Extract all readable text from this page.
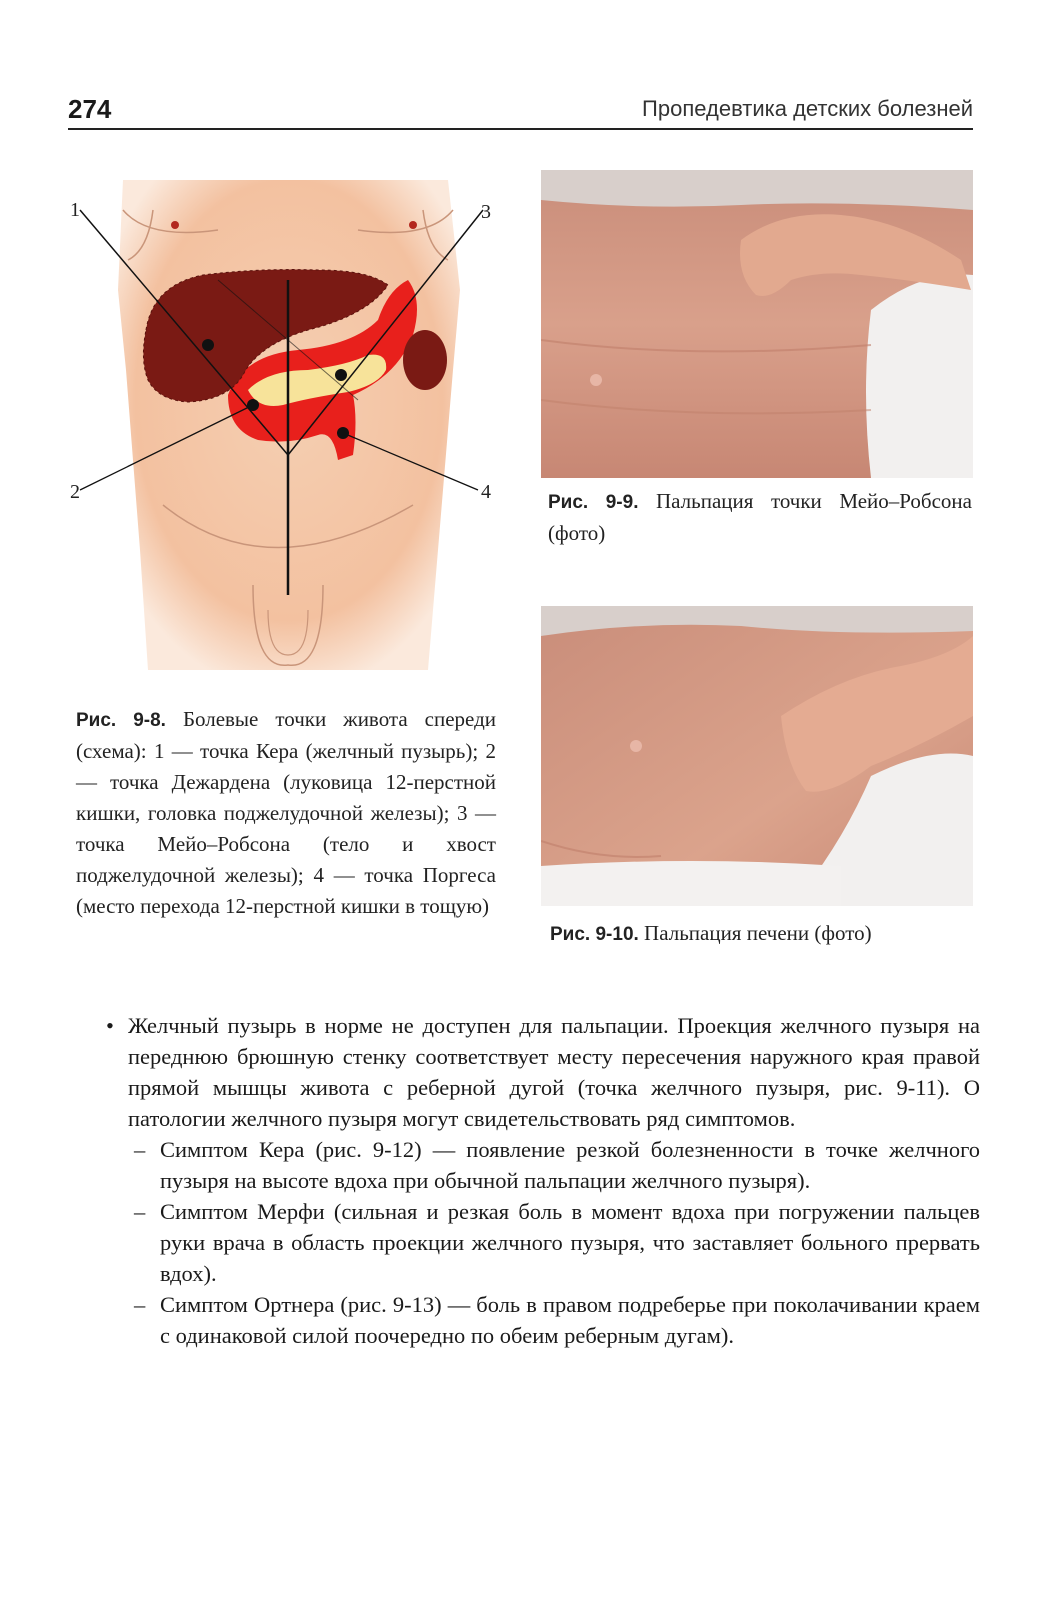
274	Пропедевтика детских болезней
1	3
2	4
Рис. 9-8. Болевые точки живота спереди (схема): 1 — точка Кера (желчный пузырь); 2 — точка Дежардена (луковица 12-перстной кишки, головка поджелудочной железы); 3 — точка Мейо–Робсона (тело и хвост поджелудочной железы); 4 — точка Поргеса (место перехода 12-перстной кишки в тощую)
Рис. 9-9. Пальпация точки Мейо–Робсона (фото)
Рис. 9-10. Пальпация печени (фото)
• Желчный пузырь в норме не доступен для пальпации. Проекция желчного пузыря на переднюю брюшную стенку соответствует месту пересечения наружного края правой прямой мышцы живота с реберной дугой (точка желчного пузыря, рис. 9-11). О патологии желчного пузыря могут свидетельствовать ряд симптомов.
– Симптом Кера (рис. 9-12) — появление резкой болезненности в точке желчного пузыря на высоте вдоха при обычной пальпации желчного пузыря).
– Симптом Мерфи (сильная и резкая боль в момент вдоха при погружении пальцев руки врача в область проекции желчного пузыря, что заставляет больного прервать вдох).
– Симптом Ортнера (рис. 9-13) — боль в правом подреберье при поколачивании краем с одинаковой силой поочередно по обеим реберным дугам).
